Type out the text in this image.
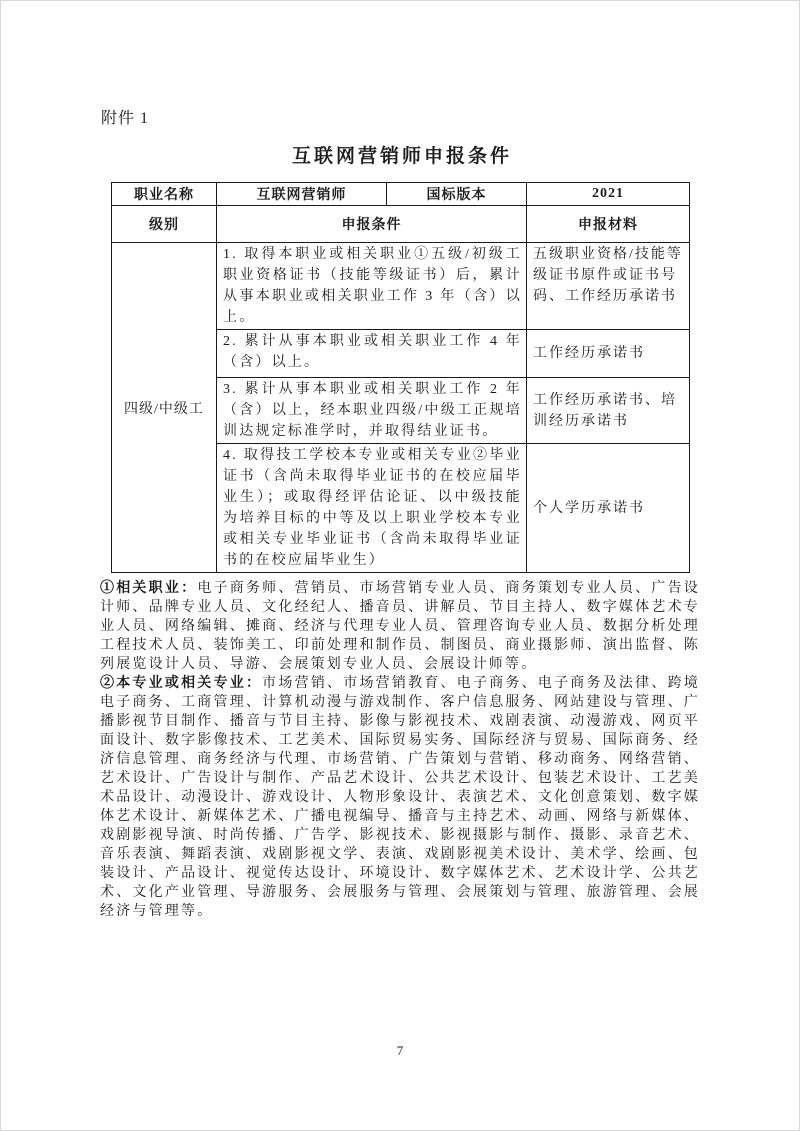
附件 1
互联网营销师申报条件
职业名称	互联网营销师	国标版本	2021
级别	申报条件		申报材料
四级/中级工	1. 取得本职业或相关职业①五级/初级工职业资格证书（技能等级证书）后，累计从事本职业或相关职业工作 3 年（含）以上。		五级职业资格/技能等级证书原件或证书号码、工作经历承诺书
	2. 累计从事本职业或相关职业工作 4 年（含）以上。		工作经历承诺书
	3. 累计从事本职业或相关职业工作 2 年（含）以上，经本职业四级/中级工正规培训达规定标准学时，并取得结业证书。		工作经历承诺书、培训经历承诺书
	4. 取得技工学校本专业或相关专业②毕业证书（含尚未取得毕业证书的在校应届毕业生）；或取得经评估论证、以中级技能为培养目标的中等及以上职业学校本专业或相关专业毕业证书（含尚未取得毕业证书的在校应届毕业生）		个人学历承诺书

①相关职业：电子商务师、营销员、市场营销专业人员、商务策划专业人员、广告设计师、品牌专业人员、文化经纪人、播音员、讲解员、节目主持人、数字媒体艺术专业人员、网络编辑、摊商、经济与代理专业人员、管理咨询专业人员、数据分析处理工程技术人员、装饰美工、印前处理和制作员、制图员、商业摄影师、演出监督、陈列展览设计人员、导游、会展策划专业人员、会展设计师等。

②本专业或相关专业：市场营销、市场营销教育、电子商务、电子商务及法律、跨境电子商务、工商管理、计算机动漫与游戏制作、客户信息服务、网站建设与管理、广播影视节目制作、播音与节目主持、影像与影视技术、戏剧表演、动漫游戏、网页平面设计、数字影像技术、工艺美术、国际贸易实务、国际经济与贸易、国际商务、经济信息管理、商务经济与代理、市场营销、广告策划与营销、移动商务、网络营销、艺术设计、广告设计与制作、产品艺术设计、公共艺术设计、包装艺术设计、工艺美术品设计、动漫设计、游戏设计、人物形象设计、表演艺术、文化创意策划、数字媒体艺术设计、新媒体艺术、广播电视编导、播音与主持艺术、动画、网络与新媒体、戏剧影视导演、时尚传播、广告学、影视技术、影视摄影与制作、摄影、录音艺术、音乐表演、舞蹈表演、戏剧影视文学、表演、戏剧影视美术设计、美术学、绘画、包装设计、产品设计、视觉传达设计、环境设计、数字媒体艺术、艺术设计学、公共艺术、文化产业管理、导游服务、会展服务与管理、会展策划与管理、旅游管理、会展经济与管理等。

7
